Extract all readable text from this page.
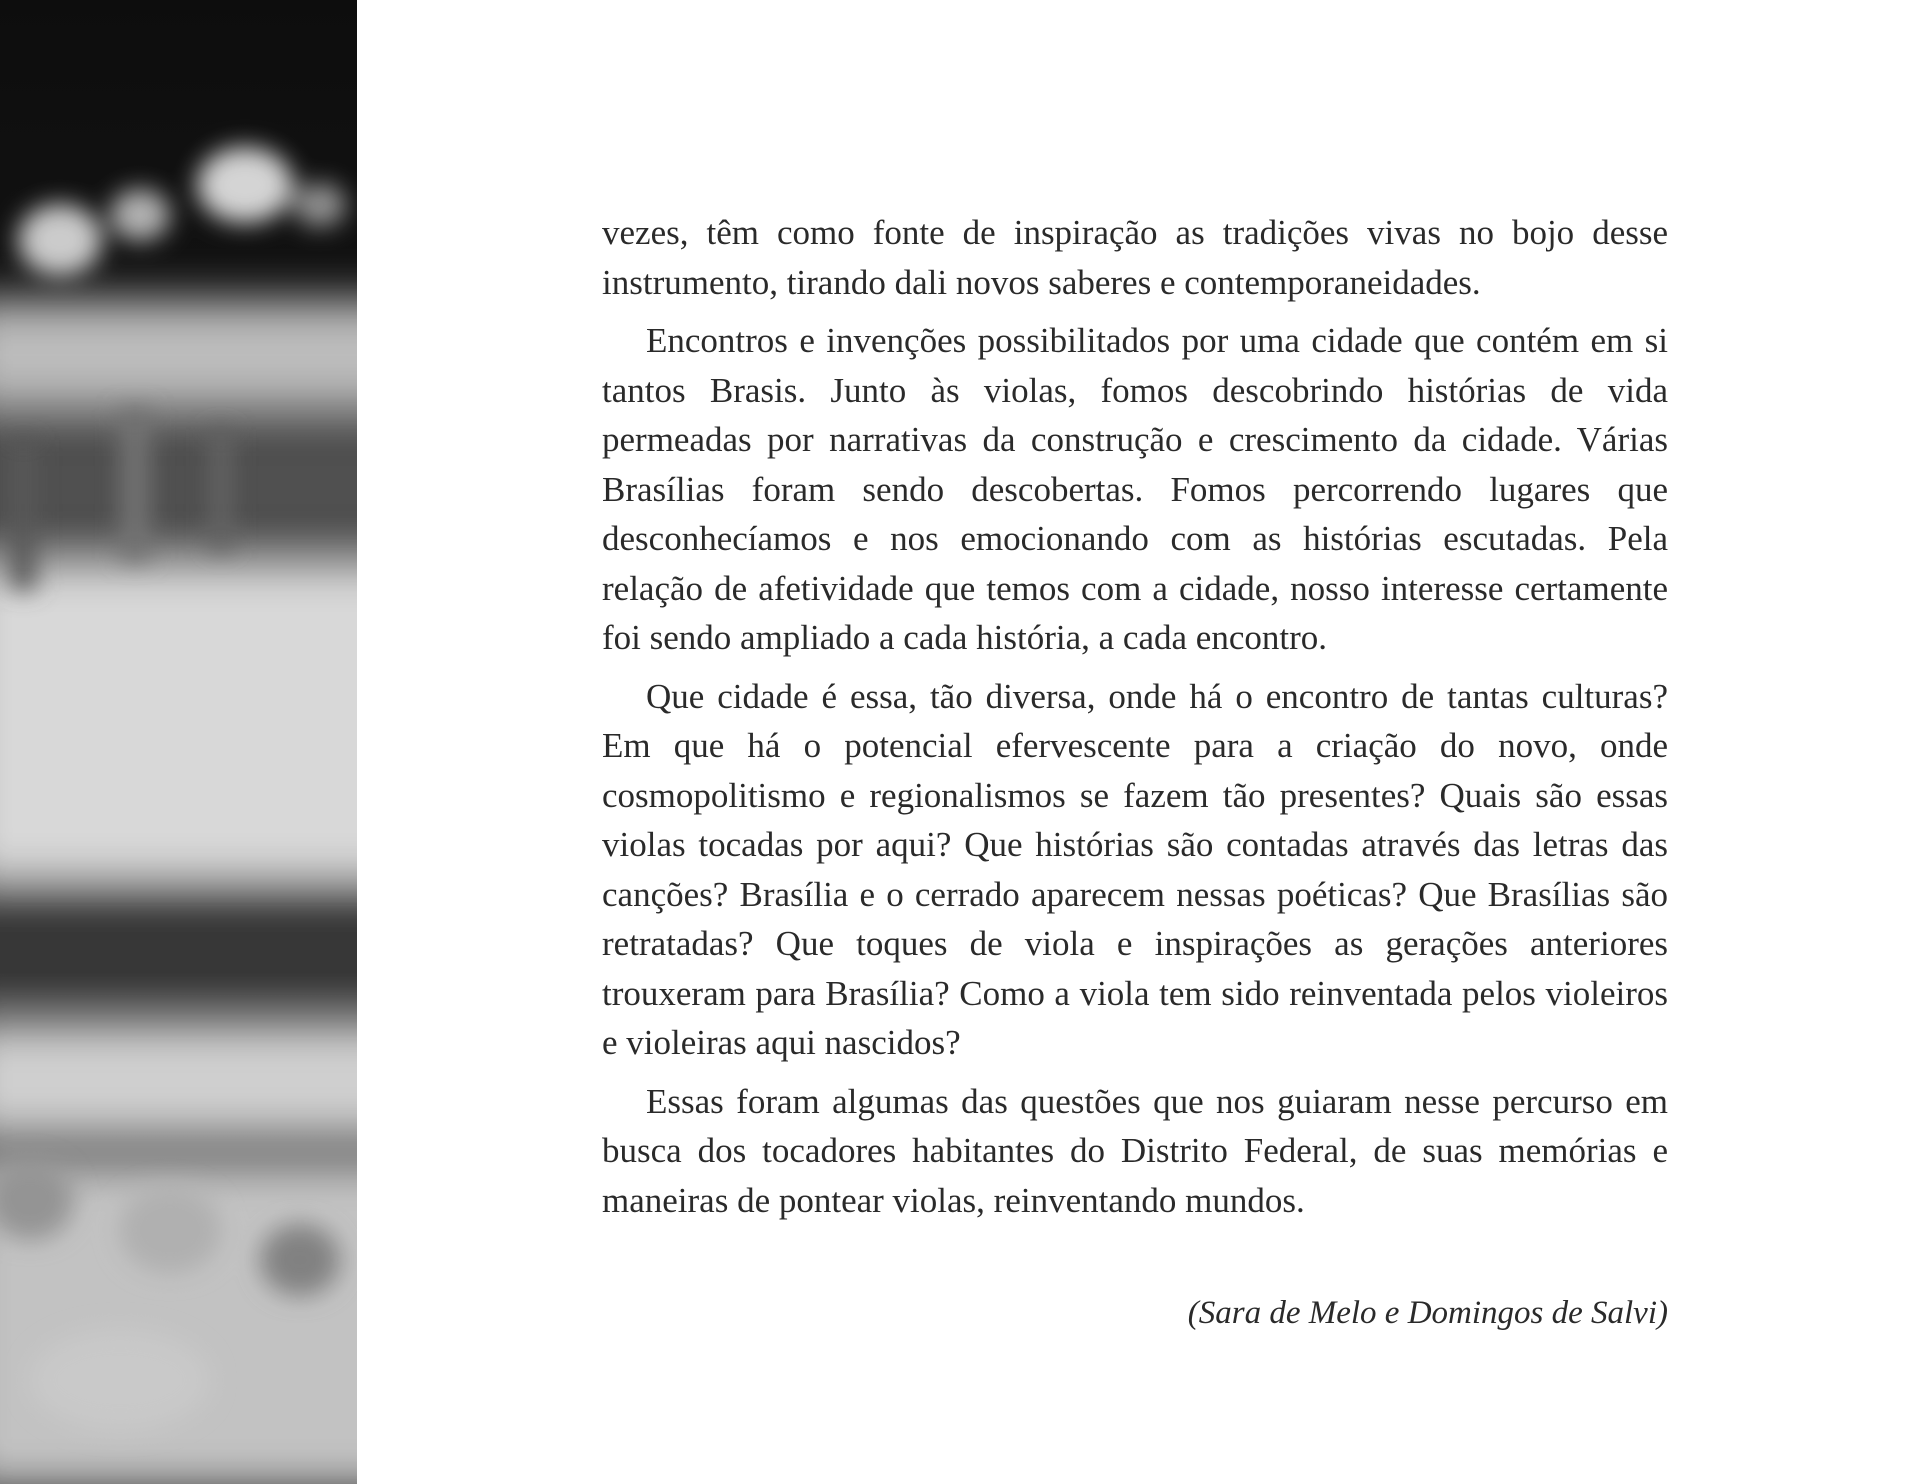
vezes, têm como fonte de inspiração as tradições vivas no bojo desse instrumento, tirando dali novos saberes e contemporaneidades.

Encontros e invenções possibilitados por uma cidade que contém em si tantos Brasis. Junto às violas, fomos descobrindo histórias de vida permeadas por narrativas da construção e crescimento da cidade. Várias Brasílias foram sendo descobertas. Fomos percorrendo lugares que desconhecíamos e nos emocionando com as histórias escutadas. Pela relação de afetividade que temos com a cidade, nosso interesse certamente foi sendo ampliado a cada história, a cada encontro.

Que cidade é essa, tão diversa, onde há o encontro de tantas culturas? Em que há o potencial efervescente para a criação do novo, onde cosmopolitismo e regionalismos se fazem tão presentes? Quais são essas violas tocadas por aqui? Que histórias são contadas através das letras das canções? Brasília e o cerrado aparecem nessas poéticas? Que Brasílias são retratadas? Que toques de viola e inspirações as gerações anteriores trouxeram para Brasília? Como a viola tem sido reinventada pelos violeiros e violeiras aqui nascidos?

Essas foram algumas das questões que nos guiaram nesse percurso em busca dos tocadores habitantes do Distrito Federal, de suas memórias e maneiras de pontear violas, reinventando mundos.

(Sara de Melo e Domingos de Salvi)
